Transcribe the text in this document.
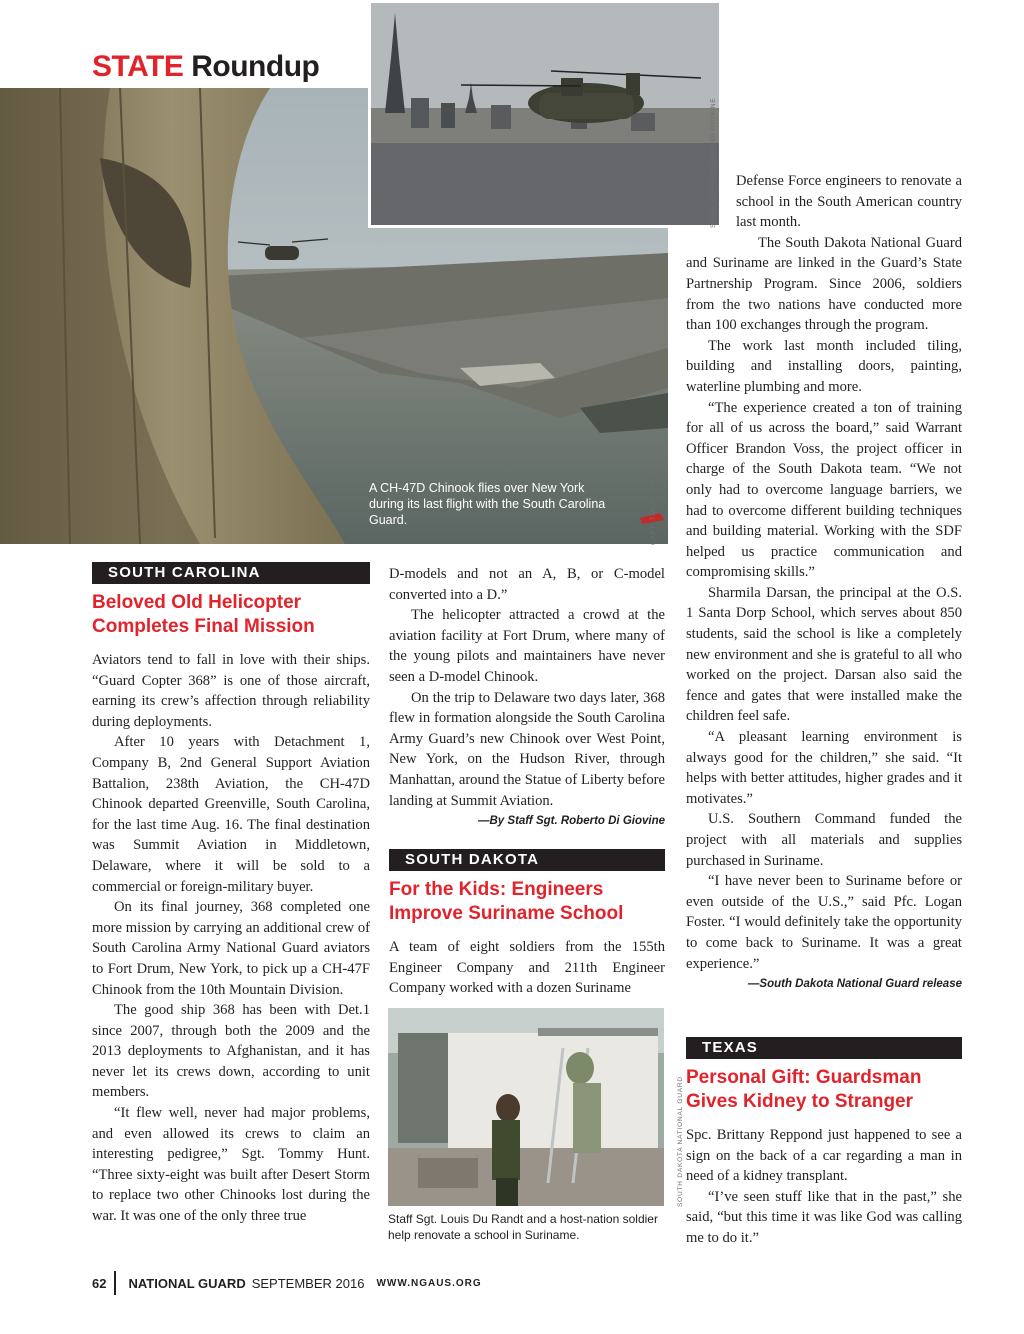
STATE Roundup
CAPT. TIM W. IRVIN
A CH-47D Chinook flies over New York during its last flight with the South Carolina Guard.
STAFF SGT. ROBERTO DI GIOVINE
SOUTH CAROLINA
Beloved Old Helicopter Completes Final Mission

Aviators tend to fall in love with their ships. “Guard Copter 368” is one of those aircraft, earning its crew’s affection through reliability during deployments.

After 10 years with Detachment 1, Company B, 2nd General Support Aviation Battalion, 238th Aviation, the CH-47D Chinook departed Greenville, South Carolina, for the last time Aug. 16. The final destination was Summit Aviation in Middletown, Delaware, where it will be sold to a commercial or foreign-military buyer.

On its final journey, 368 completed one more mission by carrying an additional crew of South Carolina Army National Guard aviators to Fort Drum, New York, to pick up a CH-47F Chinook from the 10th Mountain Division.

The good ship 368 has been with Det.1 since 2007, through both the 2009 and the 2013 deployments to Afghanistan, and it has never let its crews down, according to unit members.

“It flew well, never had major problems, and even allowed its crews to claim an interesting pedigree,” Sgt. Tommy Hunt. “Three sixty-eight was built after Desert Storm to replace two other Chinooks lost during the war. It was one of the only three true

D-models and not an A, B, or C-model converted into a D.”

The helicopter attracted a crowd at the aviation facility at Fort Drum, where many of the young pilots and maintainers have never seen a D-model Chinook.

On the trip to Delaware two days later, 368 flew in formation alongside the South Carolina Army Guard’s new Chinook over West Point, New York, on the Hudson River, through Manhattan, around the Statue of Liberty before landing at Summit Aviation.

—By Staff Sgt. Roberto Di Giovine
SOUTH DAKOTA
For the Kids: Engineers Improve Suriname School

A team of eight soldiers from the 155th Engineer Company and 211th Engineer Company worked with a dozen Suriname

SOUTH DAKOTA NATIONAL GUARD
Staff Sgt. Louis Du Randt and a host-nation soldier help renovate a school in Suriname.

Defense Force engineers to renovate a school in the South American country last month.

The South Dakota National Guard and Suriname are linked in the Guard’s State Partnership Program. Since 2006, soldiers from the two nations have conducted more than 100 exchanges through the program.

The work last month included tiling, building and installing doors, painting, waterline plumbing and more.

“The experience created a ton of training for all of us across the board,” said Warrant Officer Brandon Voss, the project officer in charge of the South Dakota team. “We not only had to overcome language barriers, we had to overcome different building techniques and building material. Working with the SDF helped us practice communication and compromising skills.”

Sharmila Darsan, the principal at the O.S. 1 Santa Dorp School, which serves about 850 students, said the school is like a completely new environment and she is grateful to all who worked on the project. Darsan also said the fence and gates that were installed make the children feel safe.

“A pleasant learning environment is always good for the children,” she said. “It helps with better attitudes, higher grades and it motivates.”

U.S. Southern Command funded the project with all materials and supplies purchased in Suriname.

“I have never been to Suriname before or even outside of the U.S.,” said Pfc. Logan Foster. “I would definitely take the opportunity to come back to Suriname. It was a great experience.”

—South Dakota National Guard release
TEXAS
Personal Gift: Guardsman Gives Kidney to Stranger

Spc. Brittany Reppond just happened to see a sign on the back of a car regarding a man in need of a kidney transplant.

“I’ve seen stuff like that in the past,” she said, “but this time it was like God was calling me to do it.”

62 NATIONAL GUARD SEPTEMBER 2016 WWW.NGAUS.ORG
